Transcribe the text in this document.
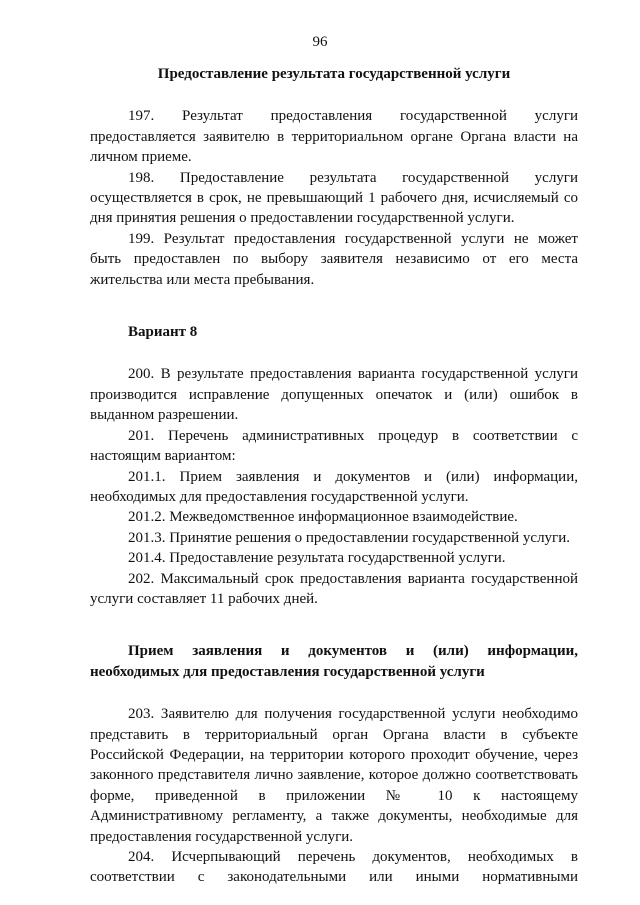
96

Предоставление результата государственной услуги

197. Результат предоставления государственной услуги предоставляется заявителю в территориальном органе Органа власти на личном приеме.

198. Предоставление результата государственной услуги осуществляется в срок, не превышающий 1 рабочего дня, исчисляемый со дня принятия решения о предоставлении государственной услуги.

199. Результат предоставления государственной услуги не может быть предоставлен по выбору заявителя независимо от его места жительства или места пребывания.

Вариант 8

200. В результате предоставления варианта государственной услуги производится исправление допущенных опечаток и (или) ошибок в выданном разрешении.

201. Перечень административных процедур в соответствии с настоящим вариантом:

201.1. Прием заявления и документов и (или) информации, необходимых для предоставления государственной услуги.

201.2. Межведомственное информационное взаимодействие.

201.3. Принятие решения о предоставлении государственной услуги.

201.4. Предоставление результата государственной услуги.

202. Максимальный срок предоставления варианта государственной услуги составляет 11 рабочих дней.

Прием заявления и документов и (или) информации, необходимых для предоставления государственной услуги

203. Заявителю для получения государственной услуги необходимо представить в территориальный орган Органа власти в субъекте Российской Федерации, на территории которого проходит обучение, через законного представителя лично заявление, которое должно соответствовать форме, приведенной в приложении № 10 к настоящему Административному регламенту, а также документы, необходимые для предоставления государственной услуги.

204. Исчерпывающий перечень документов, необходимых в соответствии с законодательными или иными нормативными
